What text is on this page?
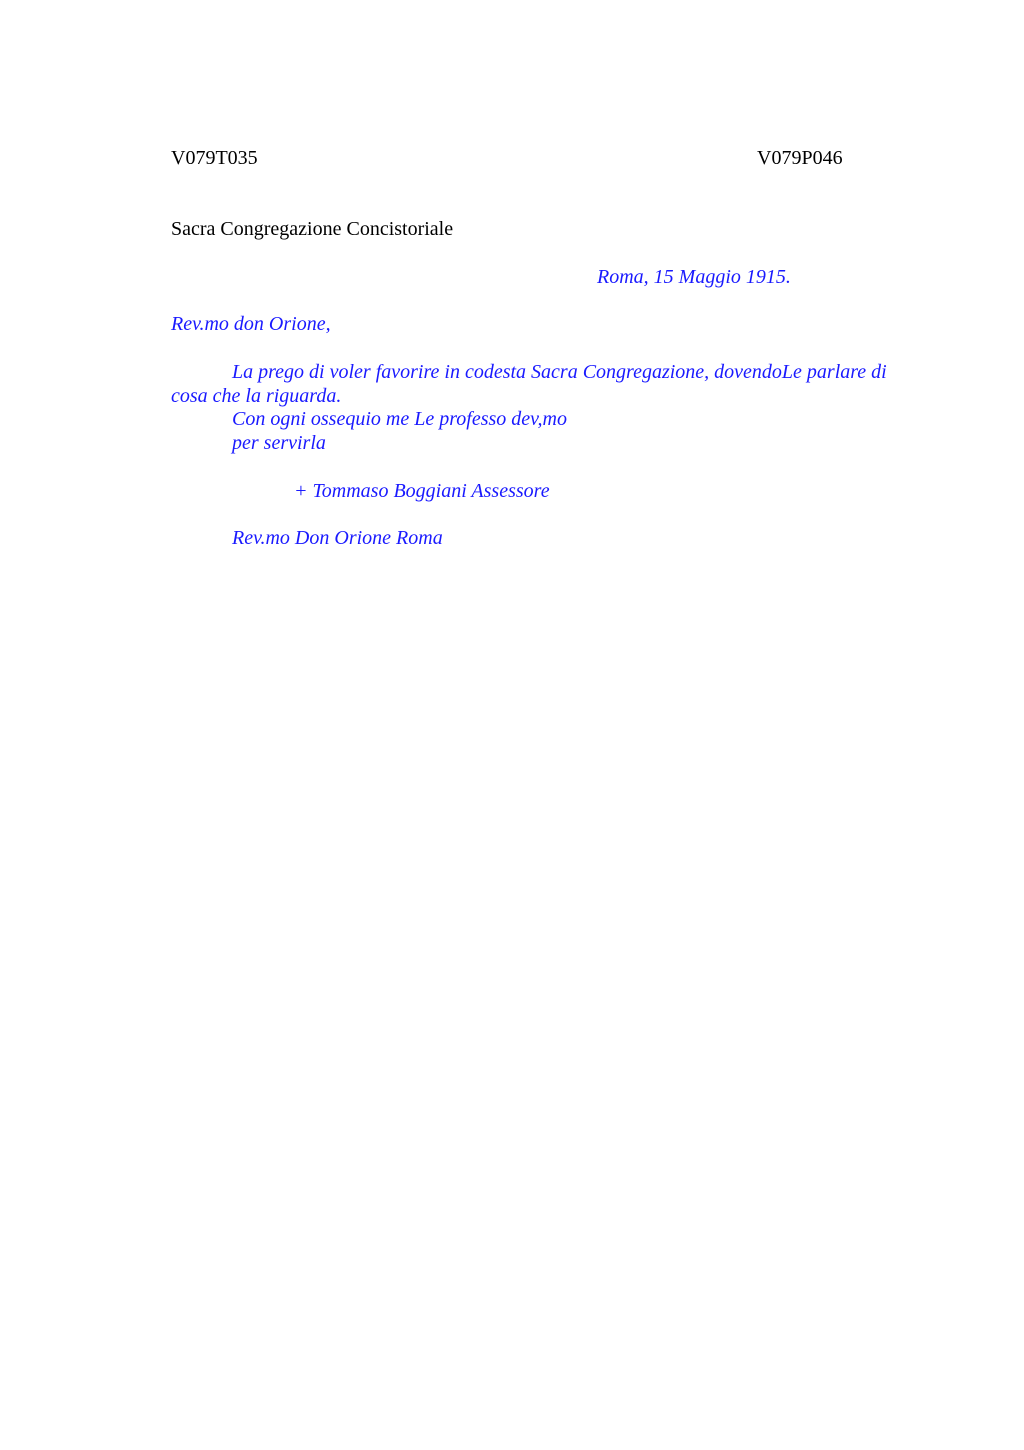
V079T035	V079P046
Sacra Congregazione Concistoriale
Roma, 15 Maggio 1915.
Rev.mo don Orione,
La prego di voler favorire in codesta Sacra Congregazione, dovendoLe parlare di cosa che la riguarda.
Con ogni ossequio me Le professo dev,mo
per servirla
+ Tommaso Boggiani Assessore
Rev.mo Don Orione Roma
